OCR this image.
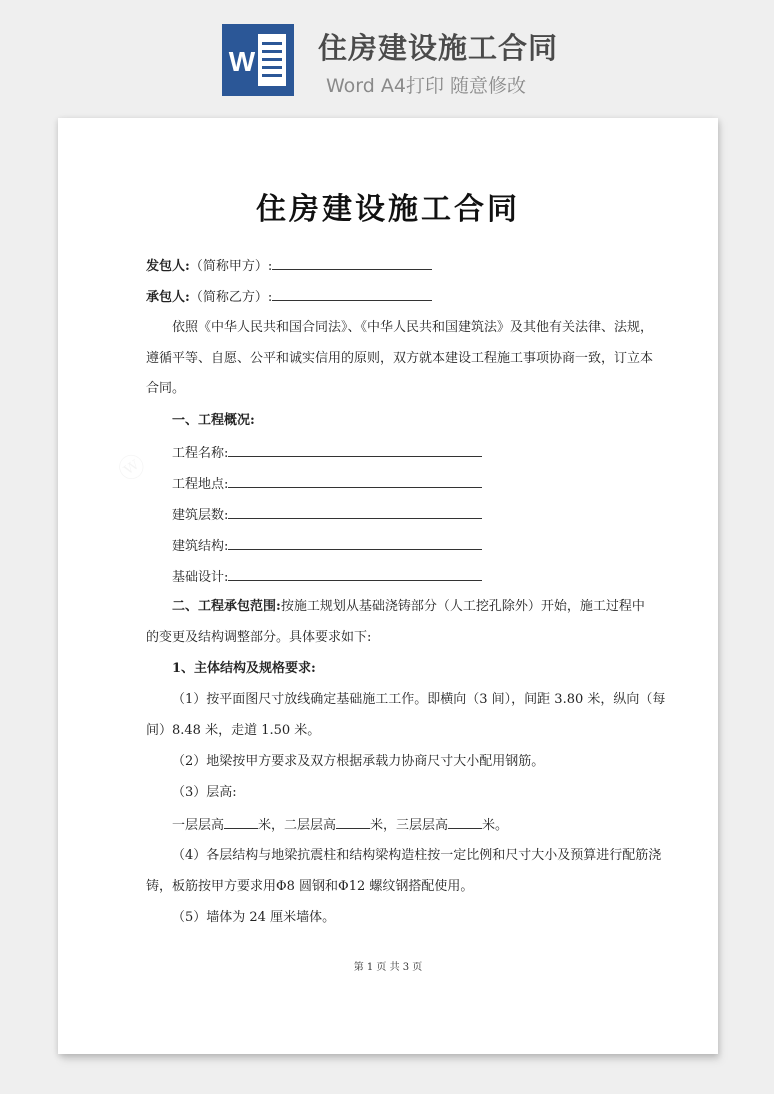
W 住房建设施工合同
Word A4打印 随意修改
住房建设施工合同
发包人:（简称甲方）:
承包人:（简称乙方）:
依照《中华人民共和国合同法》、《中华人民共和国建筑法》及其他有关法律、法规，
遵循平等、自愿、公平和诚实信用的原则，双方就本建设工程施工事项协商一致，订立本
合同。
一、工程概况:
工程名称:
工程地点:
建筑层数:
建筑结构:
基础设计:
二、工程承包范围:按施工规划从基础浇铸部分（人工挖孔除外）开始，施工过程中
的变更及结构调整部分。具体要求如下:
1、主体结构及规格要求:
（1）按平面图尺寸放线确定基础施工工作。即横向（3 间），间距 3.80 米，纵向（每
间）8.48 米，走道 1.50 米。
（2）地梁按甲方要求及双方根据承载力协商尺寸大小配用钢筋。
（3）层高:
一层层高	米，二层层高	米，三层层高	米。
（4）各层结构与地梁抗震柱和结构梁构造柱按一定比例和尺寸大小及预算进行配筋浇
铸，板筋按甲方要求用Φ8 圆钢和Φ12 螺纹钢搭配使用。
（5）墙体为 24 厘米墙体。
第 1 页 共 3 页
